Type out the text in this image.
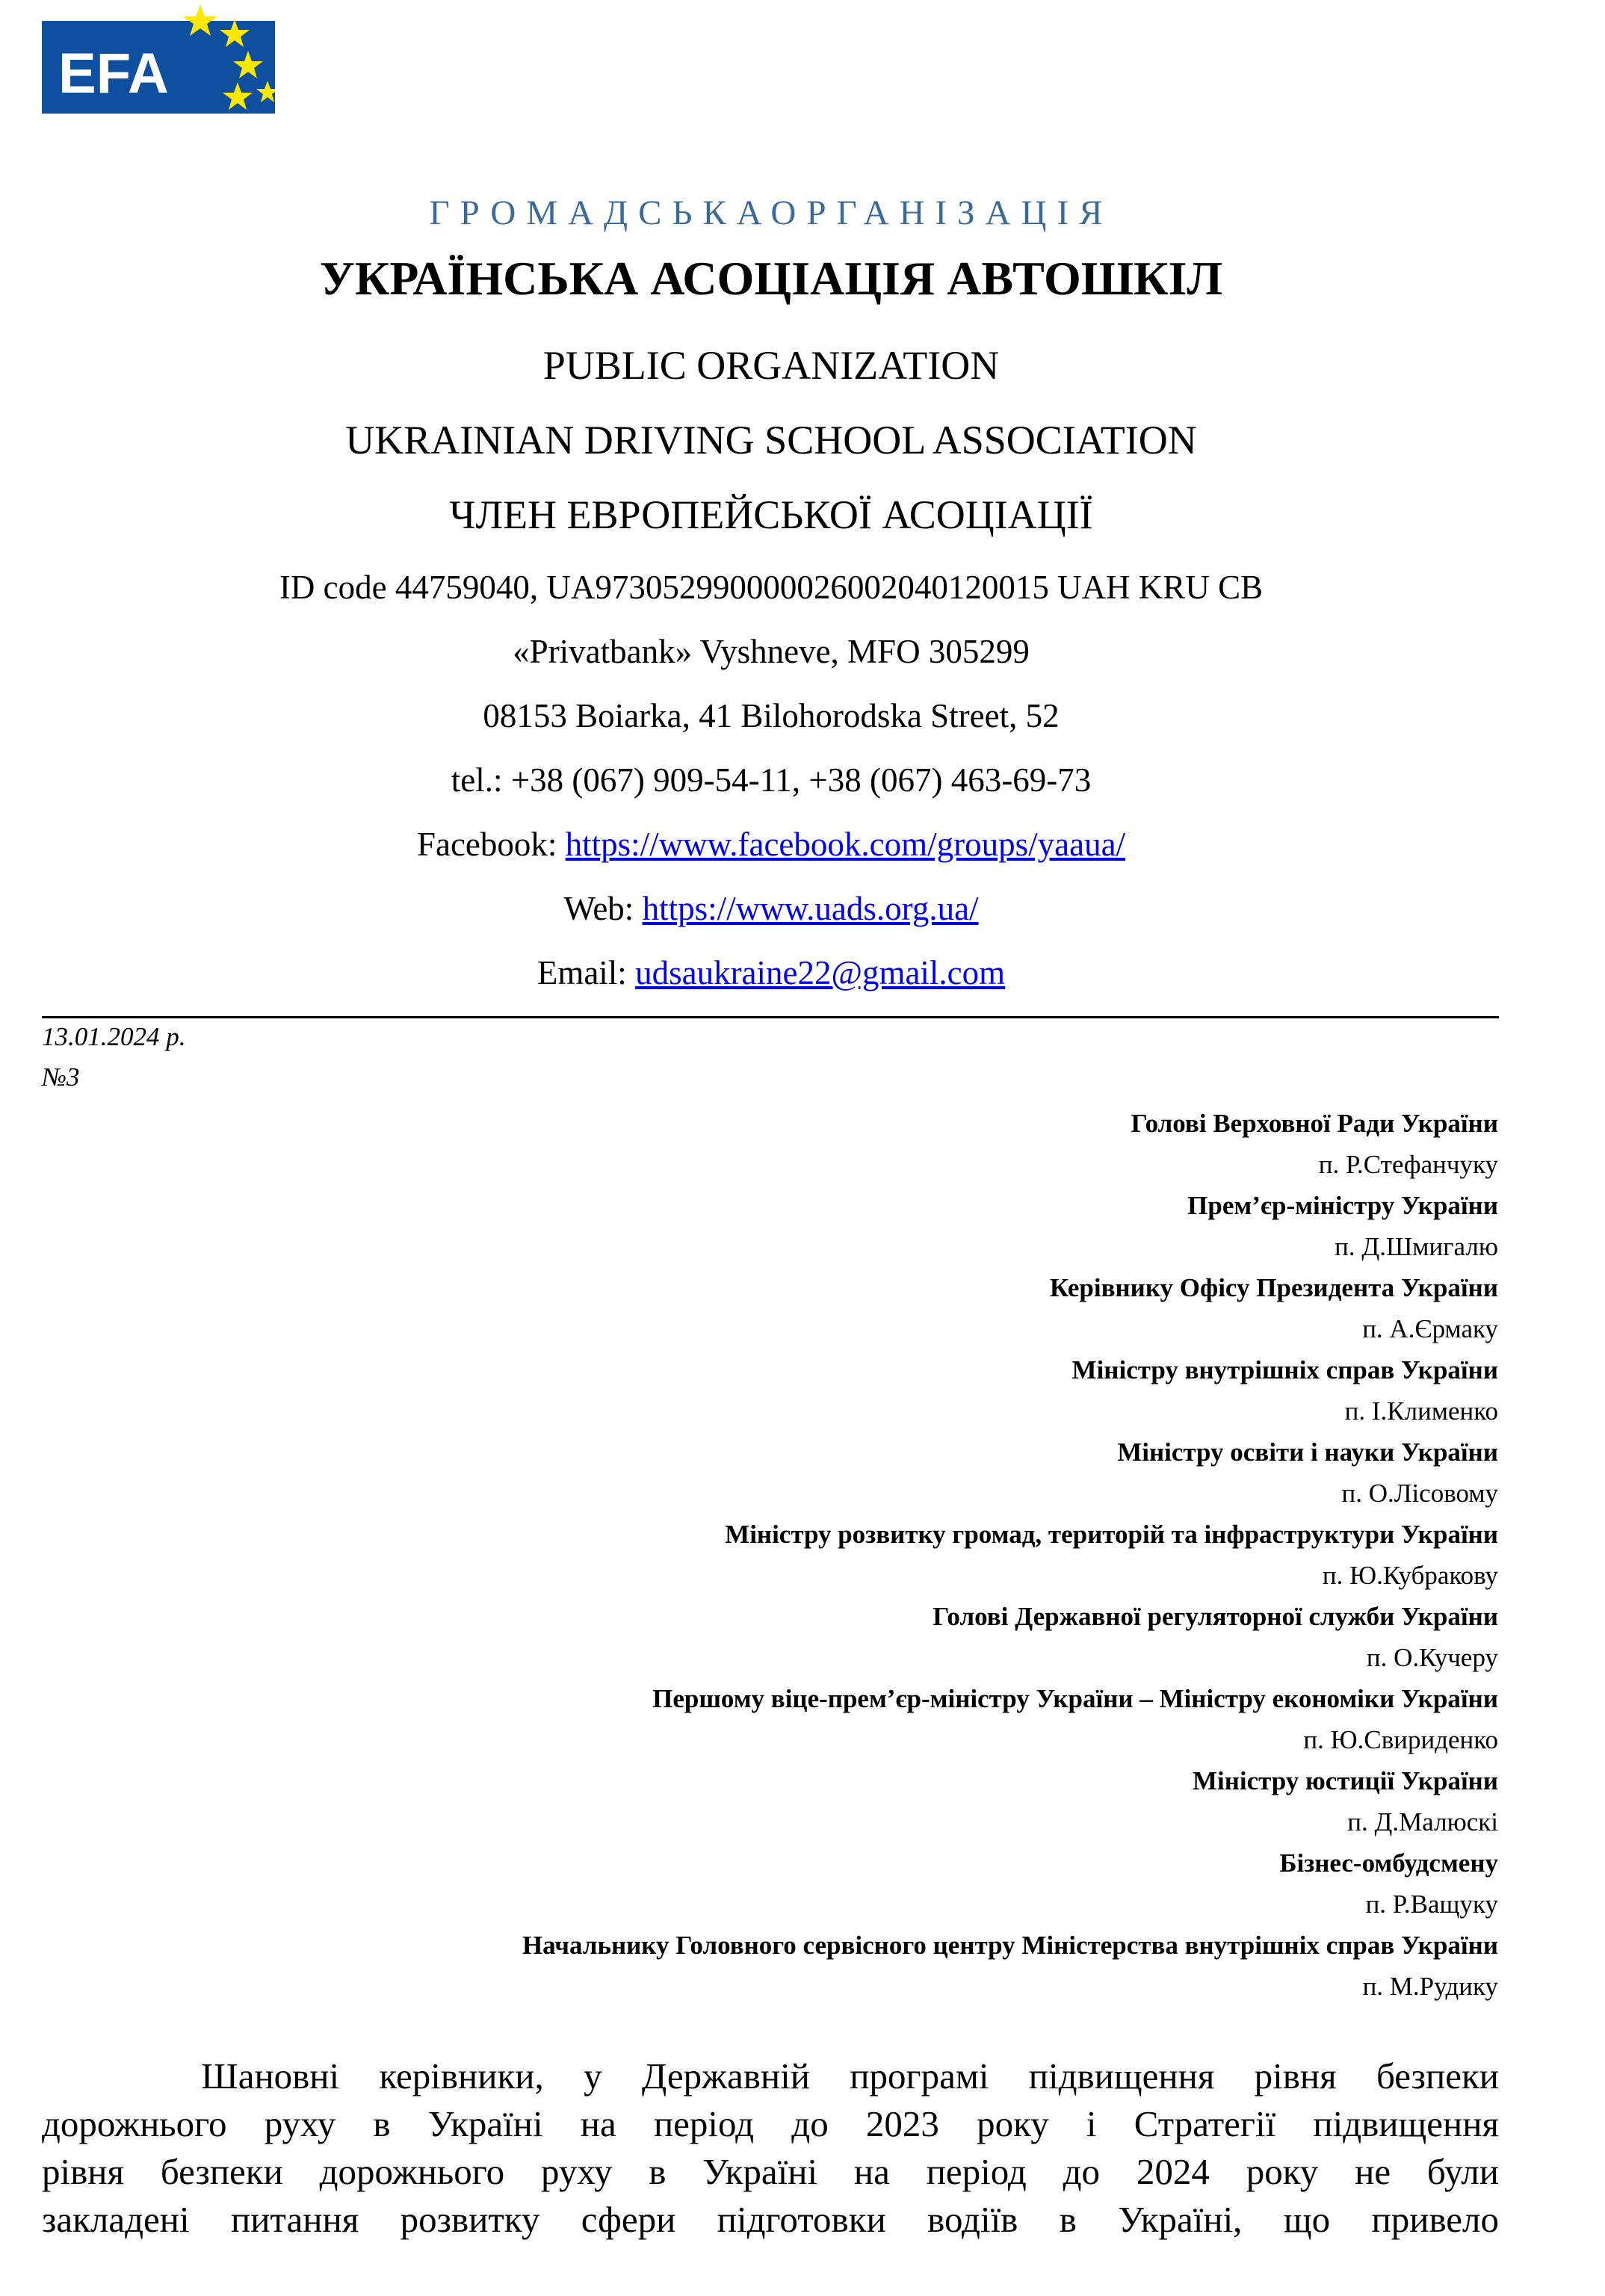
EFA
ГРОМАДСЬКАОРГАНІЗАЦІЯ
УКРАЇНСЬКА АСОЦІАЦІЯ АВТОШКІЛ
PUBLIC ORGANIZATION
UKRAINIAN DRIVING SCHOOL ASSOCIATION
ЧЛЕН ЕВРОПЕЙСЬКОЇ АСОЦІАЦІЇ
ID code 44759040, UA973052990000026002040120015 UAH KRU CB
«Privatbank» Vyshneve, MFO 305299
08153 Boiarka, 41 Bilohorodska Street, 52
tel.: +38 (067) 909-54-11, +38 (067) 463-69-73
Facebook: https://www.facebook.com/groups/yaaua/
Web: https://www.uads.org.ua/
Email: udsaukraine22@gmail.com
13.01.2024 р.
№3
Голові Верховної Ради України
п. Р.Стефанчуку
Прем’єр-міністру України
п. Д.Шмигалю
Керівнику Офісу Президента України
п. А.Єрмаку
Міністру внутрішніх справ України
п. І.Клименко
Міністру освіти і науки України
п. О.Лісовому
Міністру розвитку громад, територій та інфраструктури України
п. Ю.Кубракову
Голові Державної регуляторної служби України
п. О.Кучеру
Першому віце-прем’єр-міністру України – Міністру економіки України
п. Ю.Свириденко
Міністру юстиції України
п. Д.Малюскі
Бізнес-омбудсмену
п. Р.Ващуку
Начальнику Головного сервісного центру Міністерства внутрішніх справ України
п. М.Рудику
Шановні керівники, у Державній програмі підвищення рівня безпеки
дорожнього руху в Україні на період до 2023 року і Стратегії підвищення
рівня безпеки дорожнього руху в Україні на період до 2024 року не були
закладені питання розвитку сфери підготовки водіїв в Україні, що привело
